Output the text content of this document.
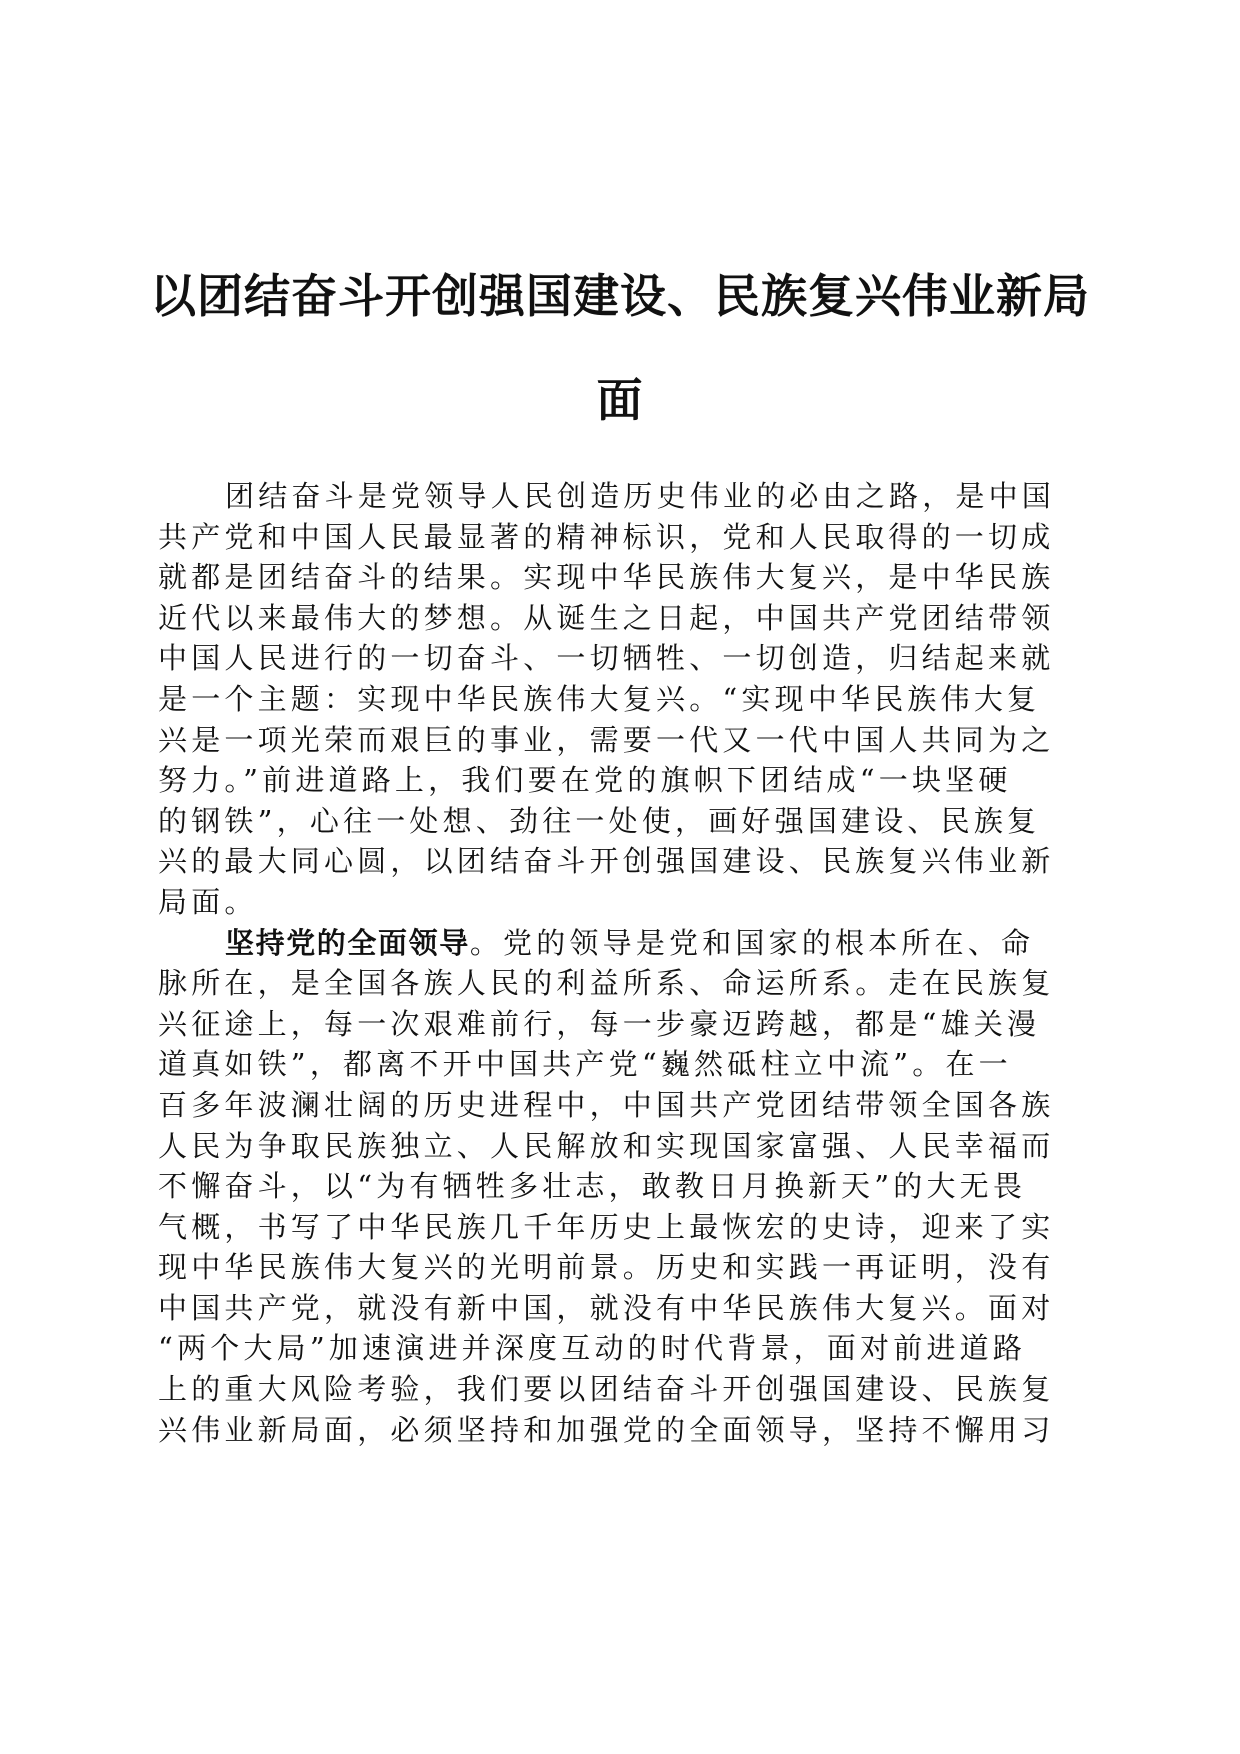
以团结奋斗开创强国建设、民族复兴伟业新局
面
团结奋斗是党领导人民创造历史伟业的必由之路，是中国
共产党和中国人民最显著的精神标识，党和人民取得的一切成
就都是团结奋斗的结果。实现中华民族伟大复兴，是中华民族
近代以来最伟大的梦想。从诞生之日起，中国共产党团结带领
中国人民进行的一切奋斗、一切牺牲、一切创造，归结起来就
是一个主题：实现中华民族伟大复兴。“实现中华民族伟大复
兴是一项光荣而艰巨的事业，需要一代又一代中国人共同为之
努力。”前进道路上，我们要在党的旗帜下团结成“一块坚硬
的钢铁”，心往一处想、劲往一处使，画好强国建设、民族复
兴的最大同心圆，以团结奋斗开创强国建设、民族复兴伟业新
局面。
坚持党的全面领导。党的领导是党和国家的根本所在、命
脉所在，是全国各族人民的利益所系、命运所系。走在民族复
兴征途上，每一次艰难前行，每一步豪迈跨越，都是“雄关漫
道真如铁”，都离不开中国共产党“巍然砥柱立中流”。在一
百多年波澜壮阔的历史进程中，中国共产党团结带领全国各族
人民为争取民族独立、人民解放和实现国家富强、人民幸福而
不懈奋斗，以“为有牺牲多壮志，敢教日月换新天”的大无畏
气概，书写了中华民族几千年历史上最恢宏的史诗，迎来了实
现中华民族伟大复兴的光明前景。历史和实践一再证明，没有
中国共产党，就没有新中国，就没有中华民族伟大复兴。面对
“两个大局”加速演进并深度互动的时代背景，面对前进道路
上的重大风险考验，我们要以团结奋斗开创强国建设、民族复
兴伟业新局面，必须坚持和加强党的全面领导，坚持不懈用习
